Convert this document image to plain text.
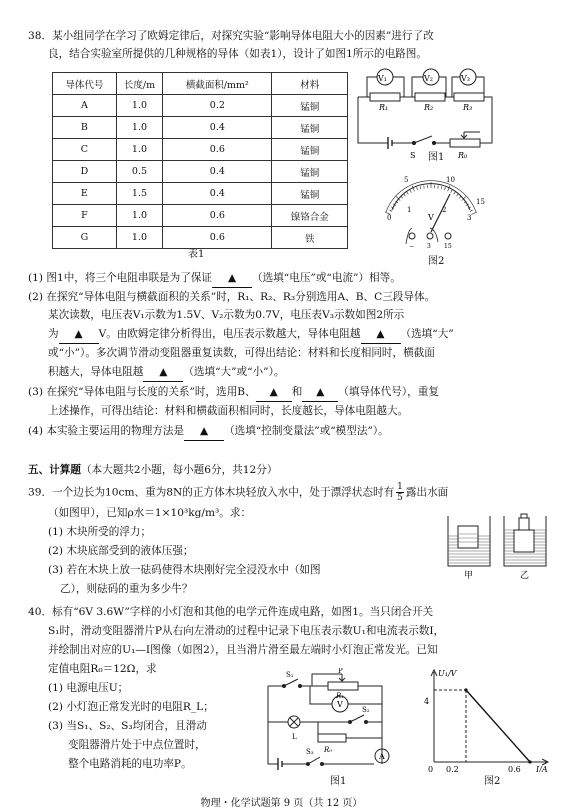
38．某小组同学在学习了欧姆定律后，对探究实验“影响导体电阻大小的因素”进行了改
良，结合实验室所提供的几种规格的导体（如表1），设计了如图1所示的电路图。
导体代号	长度/m	横截面积/mm²	材料
A	1.0	0.2	锰铜
B	1.0	0.4	锰铜
C	1.0	0.6	锰铜
D	0.5	0.4	锰铜
E	1.5	0.4	锰铜
F	1.0	0.6	镍铬合金
G	1.0	0.6	铁
表1
V₁	V₂	V₃
R₁	R₂	R₃
S	R₀
图1
5	10
15
0
1	2
3
V
− 3 15
图2
(1) 图1中，将三个电阻串联是为了保证 ▲ （选填“电压”或“电流”）相等。
(2) 在探究“导体电阻与横截面积的关系”时，R₁、R₂、R₃分别选用A、B、C三段导体。
某次读数，电压表V₁示数为1.5V、V₂示数为0.7V，电压表V₃示数如图2所示
为 ▲ V。由欧姆定律分析得出，电压表示数越大，导体电阻越 ▲ （选填“大”
或“小”）。多次调节滑动变阻器重复读数，可得出结论：材料和长度相同时，横截面
积越大，导体电阻越 ▲ （选填“大”或“小”）。
(3) 在探究“导体电阻与长度的关系”时，选用B、 ▲ 和 ▲ （填导体代号），重复
上述操作，可得出结论：材料和横截面积相同时，长度越长，导体电阻越大。
(4) 本实验主要运用的物理方法是 ▲ （选填“控制变量法”或“模型法”）。
五、计算题（本大题共2小题，每小题6分，共12分）
39．一个边长为10cm、重为8N的正方体木块轻放入水中，处于漂浮状态时有 $\frac{1}{5}$ 露出水面
（如图甲），已知ρ水＝1×10³kg/m³。求：
(1) 木块所受的浮力；
(2) 木块底部受到的液体压强；
(3) 若在木块上放一砝码使得木块刚好完全浸没水中（如图
乙），则砝码的重为多少牛？
甲	乙
40．标有“6V 3.6W”字样的小灯泡和其他的电学元件连成电路，如图1。当只闭合开关
S₁时，滑动变阻器滑片P从右向左滑动的过程中记录下电压表示数U₁和电流表示数I，
并绘制出对应的U₁—I图像（如图2），且当滑片滑至最左端时小灯泡正常发光。已知
定值电阻R₀＝12Ω，求
(1) 电源电压U；
(2) 小灯泡正常发光时的电阻R_L；
(3) 当S₁、S₂、S₃均闭合，且滑动
变阻器滑片处于中点位置时，
整个电路消耗的电功率P。
S₁	P
R₁
V
L
R₀
S₂
S₃	A
图1
U₁/V
I/A
4
0 0.2	0.6
图2
物理・化学试题第 9 页（共 12 页）
